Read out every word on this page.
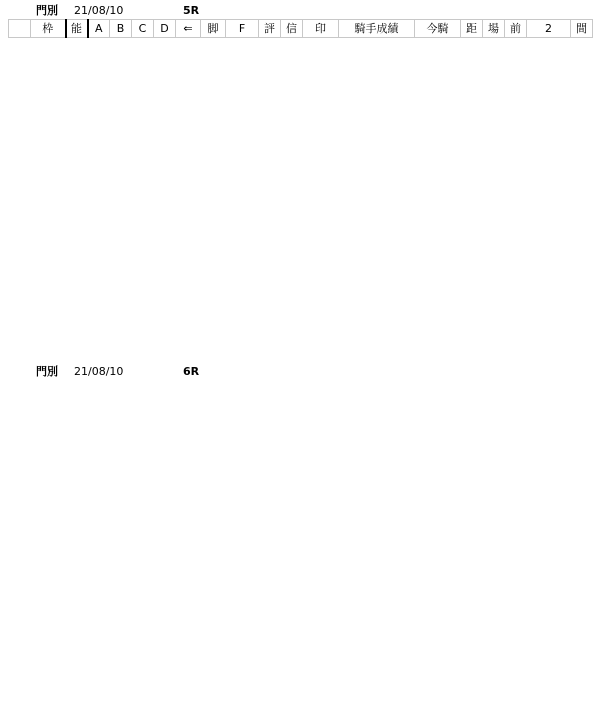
門別 21/08/10	5R
	枠	能	A	B	C	D	⇐	脚	F	評	信	印	騎手成績	今騎	距	場	前	2	間
門別 21/08/10	6R
